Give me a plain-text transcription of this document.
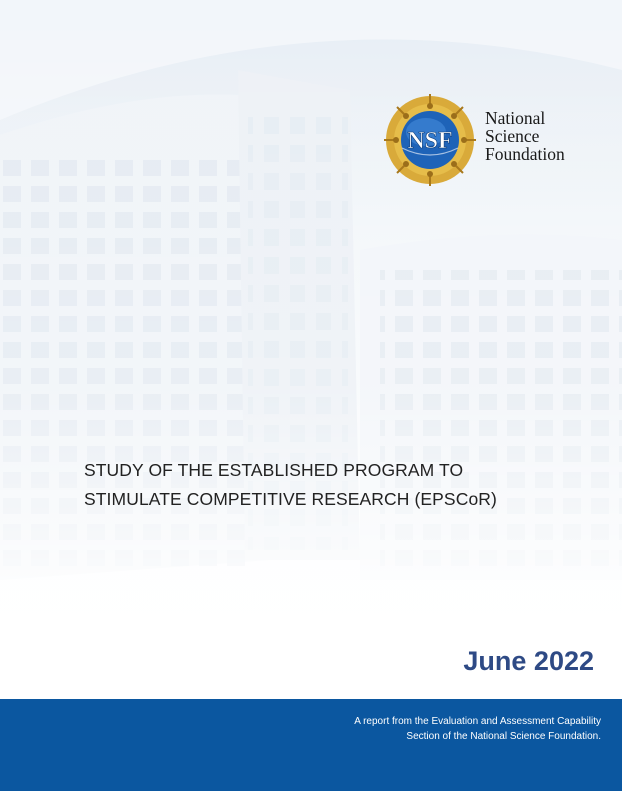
NSF
National
Science
Foundation
STUDY OF THE ESTABLISHED PROGRAM TO
STIMULATE COMPETITIVE RESEARCH (EPSCoR)
June 2022
A report from the Evaluation and Assessment Capability
Section of the National Science Foundation.
